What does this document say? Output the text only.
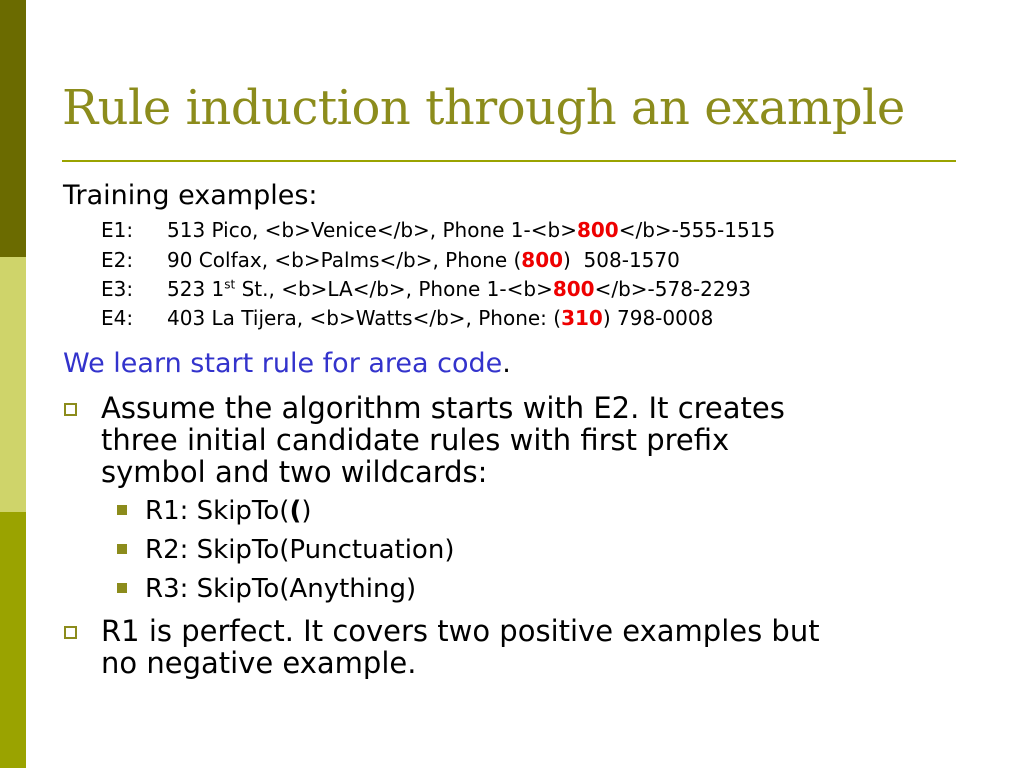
Rule induction through an example
Training examples:
E1: 513 Pico, <b>Venice</b>, Phone 1-<b>800</b>-555-1515
E2: 90 Colfax, <b>Palms</b>, Phone (800)  508-1570
E3: 523 1st St., <b>LA</b>, Phone 1-<b>800</b>-578-2293
E4: 403 La Tijera, <b>Watts</b>, Phone: (310) 798-0008
We learn start rule for area code.
Assume the algorithm starts with E2. It creates
three initial candidate rules with first prefix
symbol and two wildcards:
R1: SkipTo(()
R2: SkipTo(Punctuation)
R3: SkipTo(Anything)
R1 is perfect. It covers two positive examples but
no negative example.
